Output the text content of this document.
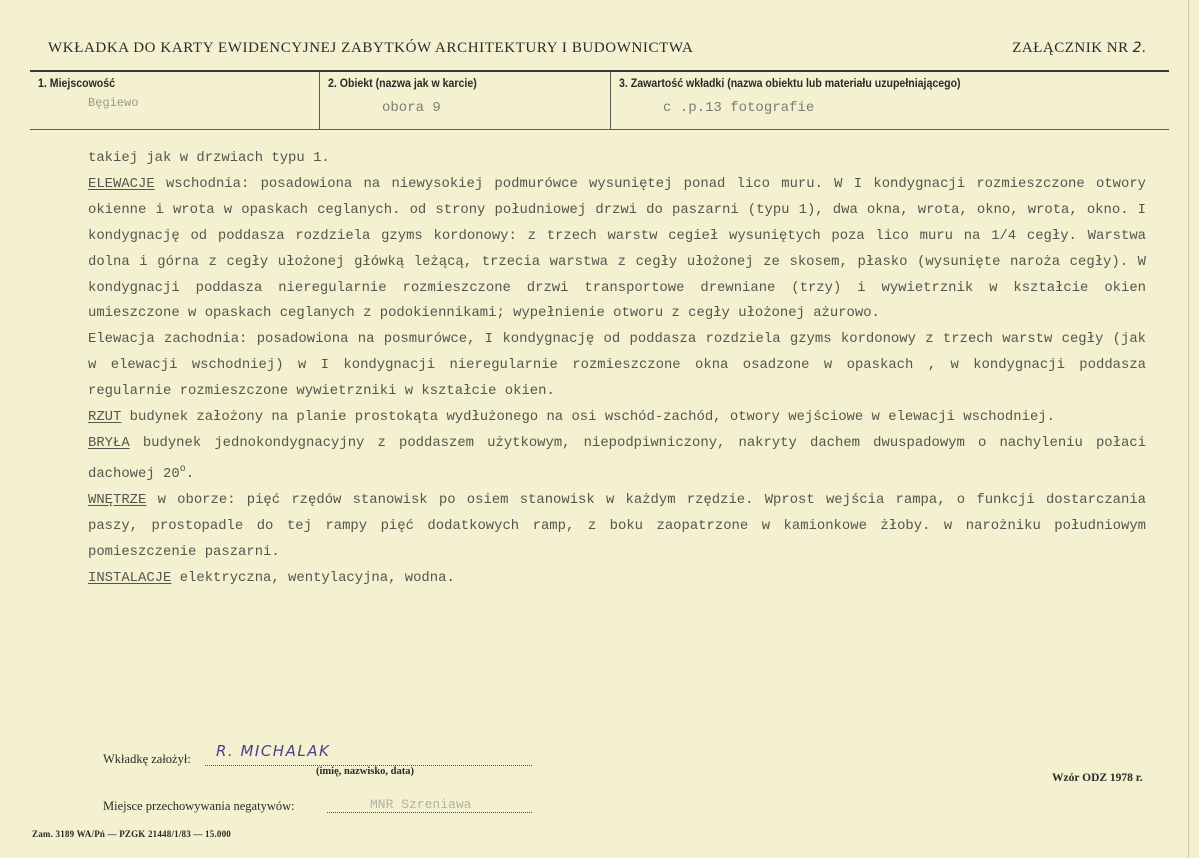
WKŁADKA DO KARTY EWIDENCYJNEJ ZABYTKÓW ARCHITEKTURY I BUDOWNICTWA	ZAŁĄCZNIK NR 2.
1. Miejscowość
Bęgiewo
2. Obiekt (nazwa jak w karcie)
obora 9
3. Zawartość wkładki (nazwa obiektu lub materiału uzupełniającego)
c .p.13 fotografie
takiej jak w drzwiach typu 1.
ELEWACJE wschodnia: posadowiona na niewysokiej podmurówce wysuniętej ponad lico muru. W I kondygnacji rozmieszczone otwory okienne i wrota w opaskach ceglanych. od strony południowej drzwi do paszarni (typu 1), dwa okna, wrota, okno, wrota, okno. I kondygnację od poddasza rozdziela gzyms kordonowy: z trzech warstw cegieł wysuniętych poza lico muru na 1/4 cegły. Warstwa dolna i górna z cegły ułożonej główką leżącą, trzecia warstwa z cegły ułożonej ze skosem, płasko (wysunięte naroża cegły). W kondygnacji poddasza nieregularnie rozmieszczone drzwi transportowe drewniane (trzy) i wywietrznik w kształcie okien umieszczone w opaskach ceglanych z podokiennikami; wypełnienie otworu z cegły ułożonej ażurowo.
Elewacja zachodnia: posadowiona na posmurówce, I kondygnację od poddasza rozdziela gzyms kordonowy z trzech warstw cegły (jak w elewacji wschodniej) w I kondygnacji nieregularnie rozmieszczone okna osadzone w opaskach , w kondygnacji poddasza regularnie rozmieszczone wywietrzniki w kształcie okien.
RZUT budynek założony na planie prostokąta wydłużonego na osi wschód-zachód, otwory wejściowe w elewacji wschodniej.
BRYŁA budynek jednokondygnacyjny z poddaszem użytkowym, niepodpiwniczony, nakryty dachem dwuspadowym o nachyleniu połaci dachowej 20$^o$.
WNĘTRZE w oborze: pięć rzędów stanowisk po osiem stanowisk w każdym rzędzie. Wprost wejścia rampa, o funkcji dostarczania paszy, prostopadle do tej rampy pięć dodatkowych ramp, z boku zaopatrzone w kamionkowe żłoby. w narożniku południowym pomieszczenie paszarni.
INSTALACJE elektryczna, wentylacyjna, wodna.
Wkładkę założył: R. MICHALAK
(imię, nazwisko, data)
Wzór ODZ 1978 r.
Miejsce przechowywania negatywów:	MNR Szreniawa
Zam. 3189 WA/Pń — PZGK 21448/1/83 — 15.000
